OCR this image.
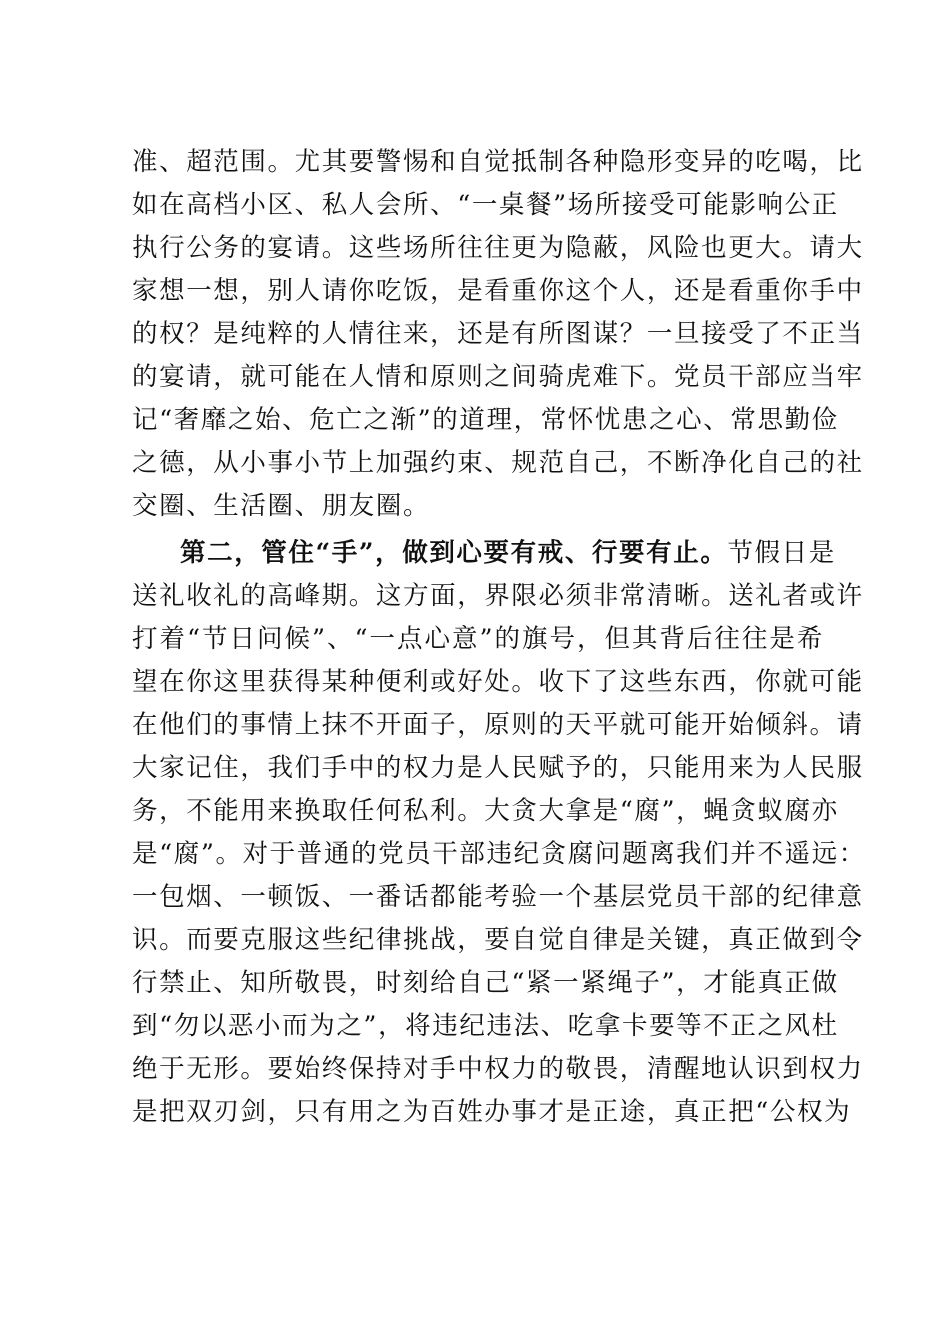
准、超范围。尤其要警惕和自觉抵制各种隐形变异的吃喝，比
如在高档小区、私人会所、“一桌餐”场所接受可能影响公正
执行公务的宴请。这些场所往往更为隐蔽，风险也更大。请大
家想一想，别人请你吃饭，是看重你这个人，还是看重你手中
的权？是纯粹的人情往来，还是有所图谋？一旦接受了不正当
的宴请，就可能在人情和原则之间骑虎难下。党员干部应当牢
记“奢靡之始、危亡之渐”的道理，常怀忧患之心、常思勤俭
之德，从小事小节上加强约束、规范自己，不断净化自己的社
交圈、生活圈、朋友圈。
第二，管住“手”，做到心要有戒、行要有止。节假日是
送礼收礼的高峰期。这方面，界限必须非常清晰。送礼者或许
打着“节日问候”、“一点心意”的旗号，但其背后往往是希
望在你这里获得某种便利或好处。收下了这些东西，你就可能
在他们的事情上抹不开面子，原则的天平就可能开始倾斜。请
大家记住，我们手中的权力是人民赋予的，只能用来为人民服
务，不能用来换取任何私利。大贪大拿是“腐”，蝇贪蚁腐亦
是“腐”。对于普通的党员干部违纪贪腐问题离我们并不遥远：
一包烟、一顿饭、一番话都能考验一个基层党员干部的纪律意
识。而要克服这些纪律挑战，要自觉自律是关键，真正做到令
行禁止、知所敬畏，时刻给自己“紧一紧绳子”，才能真正做
到“勿以恶小而为之”，将违纪违法、吃拿卡要等不正之风杜
绝于无形。要始终保持对手中权力的敬畏，清醒地认识到权力
是把双刃剑，只有用之为百姓办事才是正途，真正把“公权为
